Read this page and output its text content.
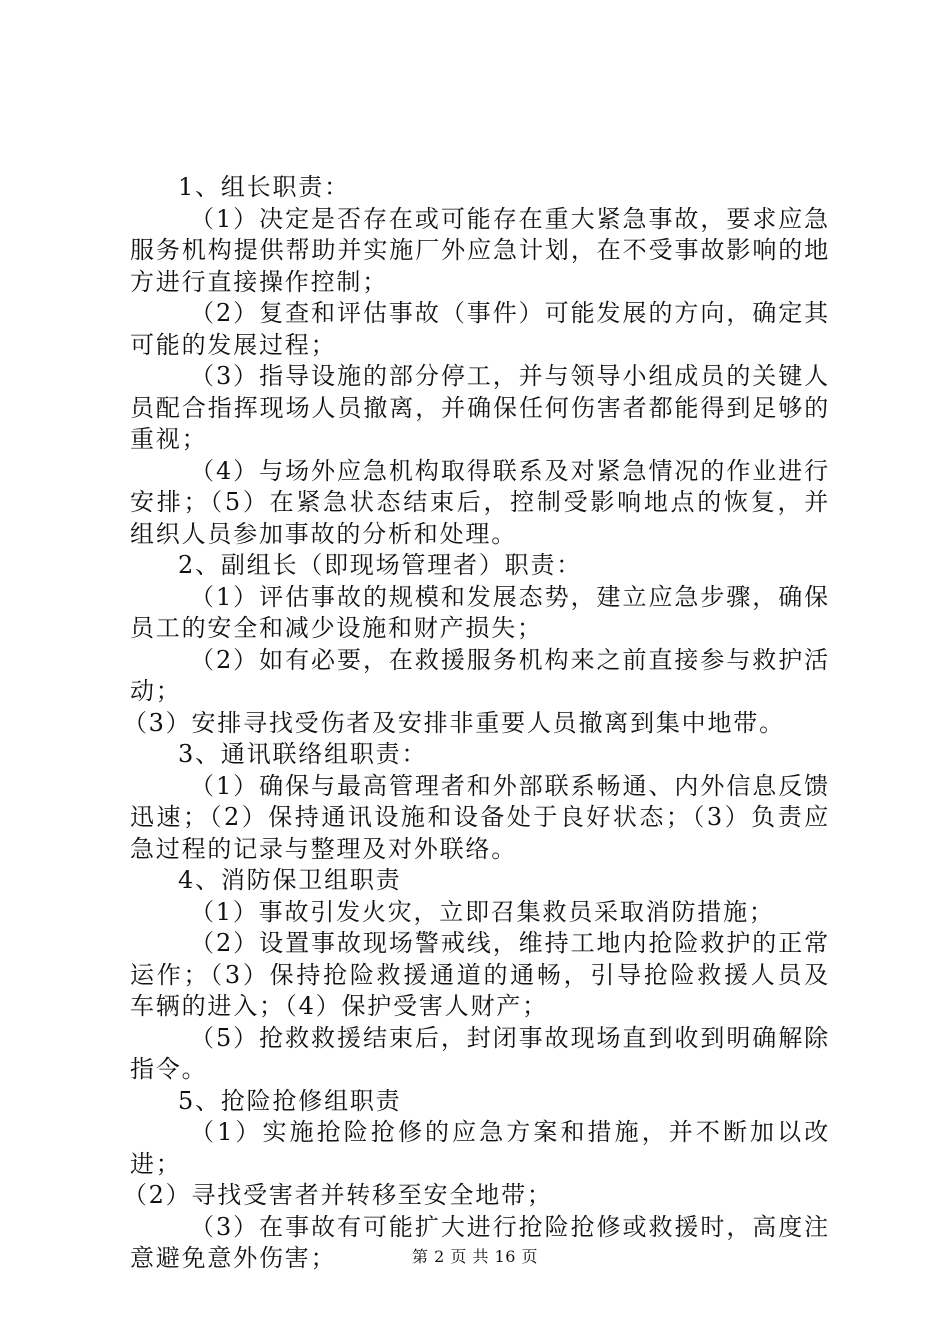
1、组长职责：

（1）决定是否存在或可能存在重大紧急事故，要求应急服务机构提供帮助并实施厂外应急计划，在不受事故影响的地方进行直接操作控制；

（2）复查和评估事故（事件）可能发展的方向，确定其可能的发展过程；

（3）指导设施的部分停工，并与领导小组成员的关键人员配合指挥现场人员撤离，并确保任何伤害者都能得到足够的重视；

（4）与场外应急机构取得联系及对紧急情况的作业进行安排；（5）在紧急状态结束后，控制受影响地点的恢复，并组织人员参加事故的分析和处理。

2、副组长（即现场管理者）职责：

（1）评估事故的规模和发展态势，建立应急步骤，确保员工的安全和减少设施和财产损失；

（2）如有必要，在救援服务机构来之前直接参与救护活动；

（3）安排寻找受伤者及安排非重要人员撤离到集中地带。

3、通讯联络组职责：

（1）确保与最高管理者和外部联系畅通、内外信息反馈迅速；（2）保持通讯设施和设备处于良好状态；（3）负责应急过程的记录与整理及对外联络。

4、消防保卫组职责

（1）事故引发火灾，立即召集救员采取消防措施；

（2）设置事故现场警戒线，维持工地内抢险救护的正常运作；（3）保持抢险救援通道的通畅，引导抢险救援人员及车辆的进入；（4）保护受害人财产；

（5）抢救救援结束后，封闭事故现场直到收到明确解除指令。

5、抢险抢修组职责

（1）实施抢险抢修的应急方案和措施，并不断加以改进；

（2）寻找受害者并转移至安全地带；

（3）在事故有可能扩大进行抢险抢修或救援时，高度注意避免意外伤害；	第 2 页 共 16 页
